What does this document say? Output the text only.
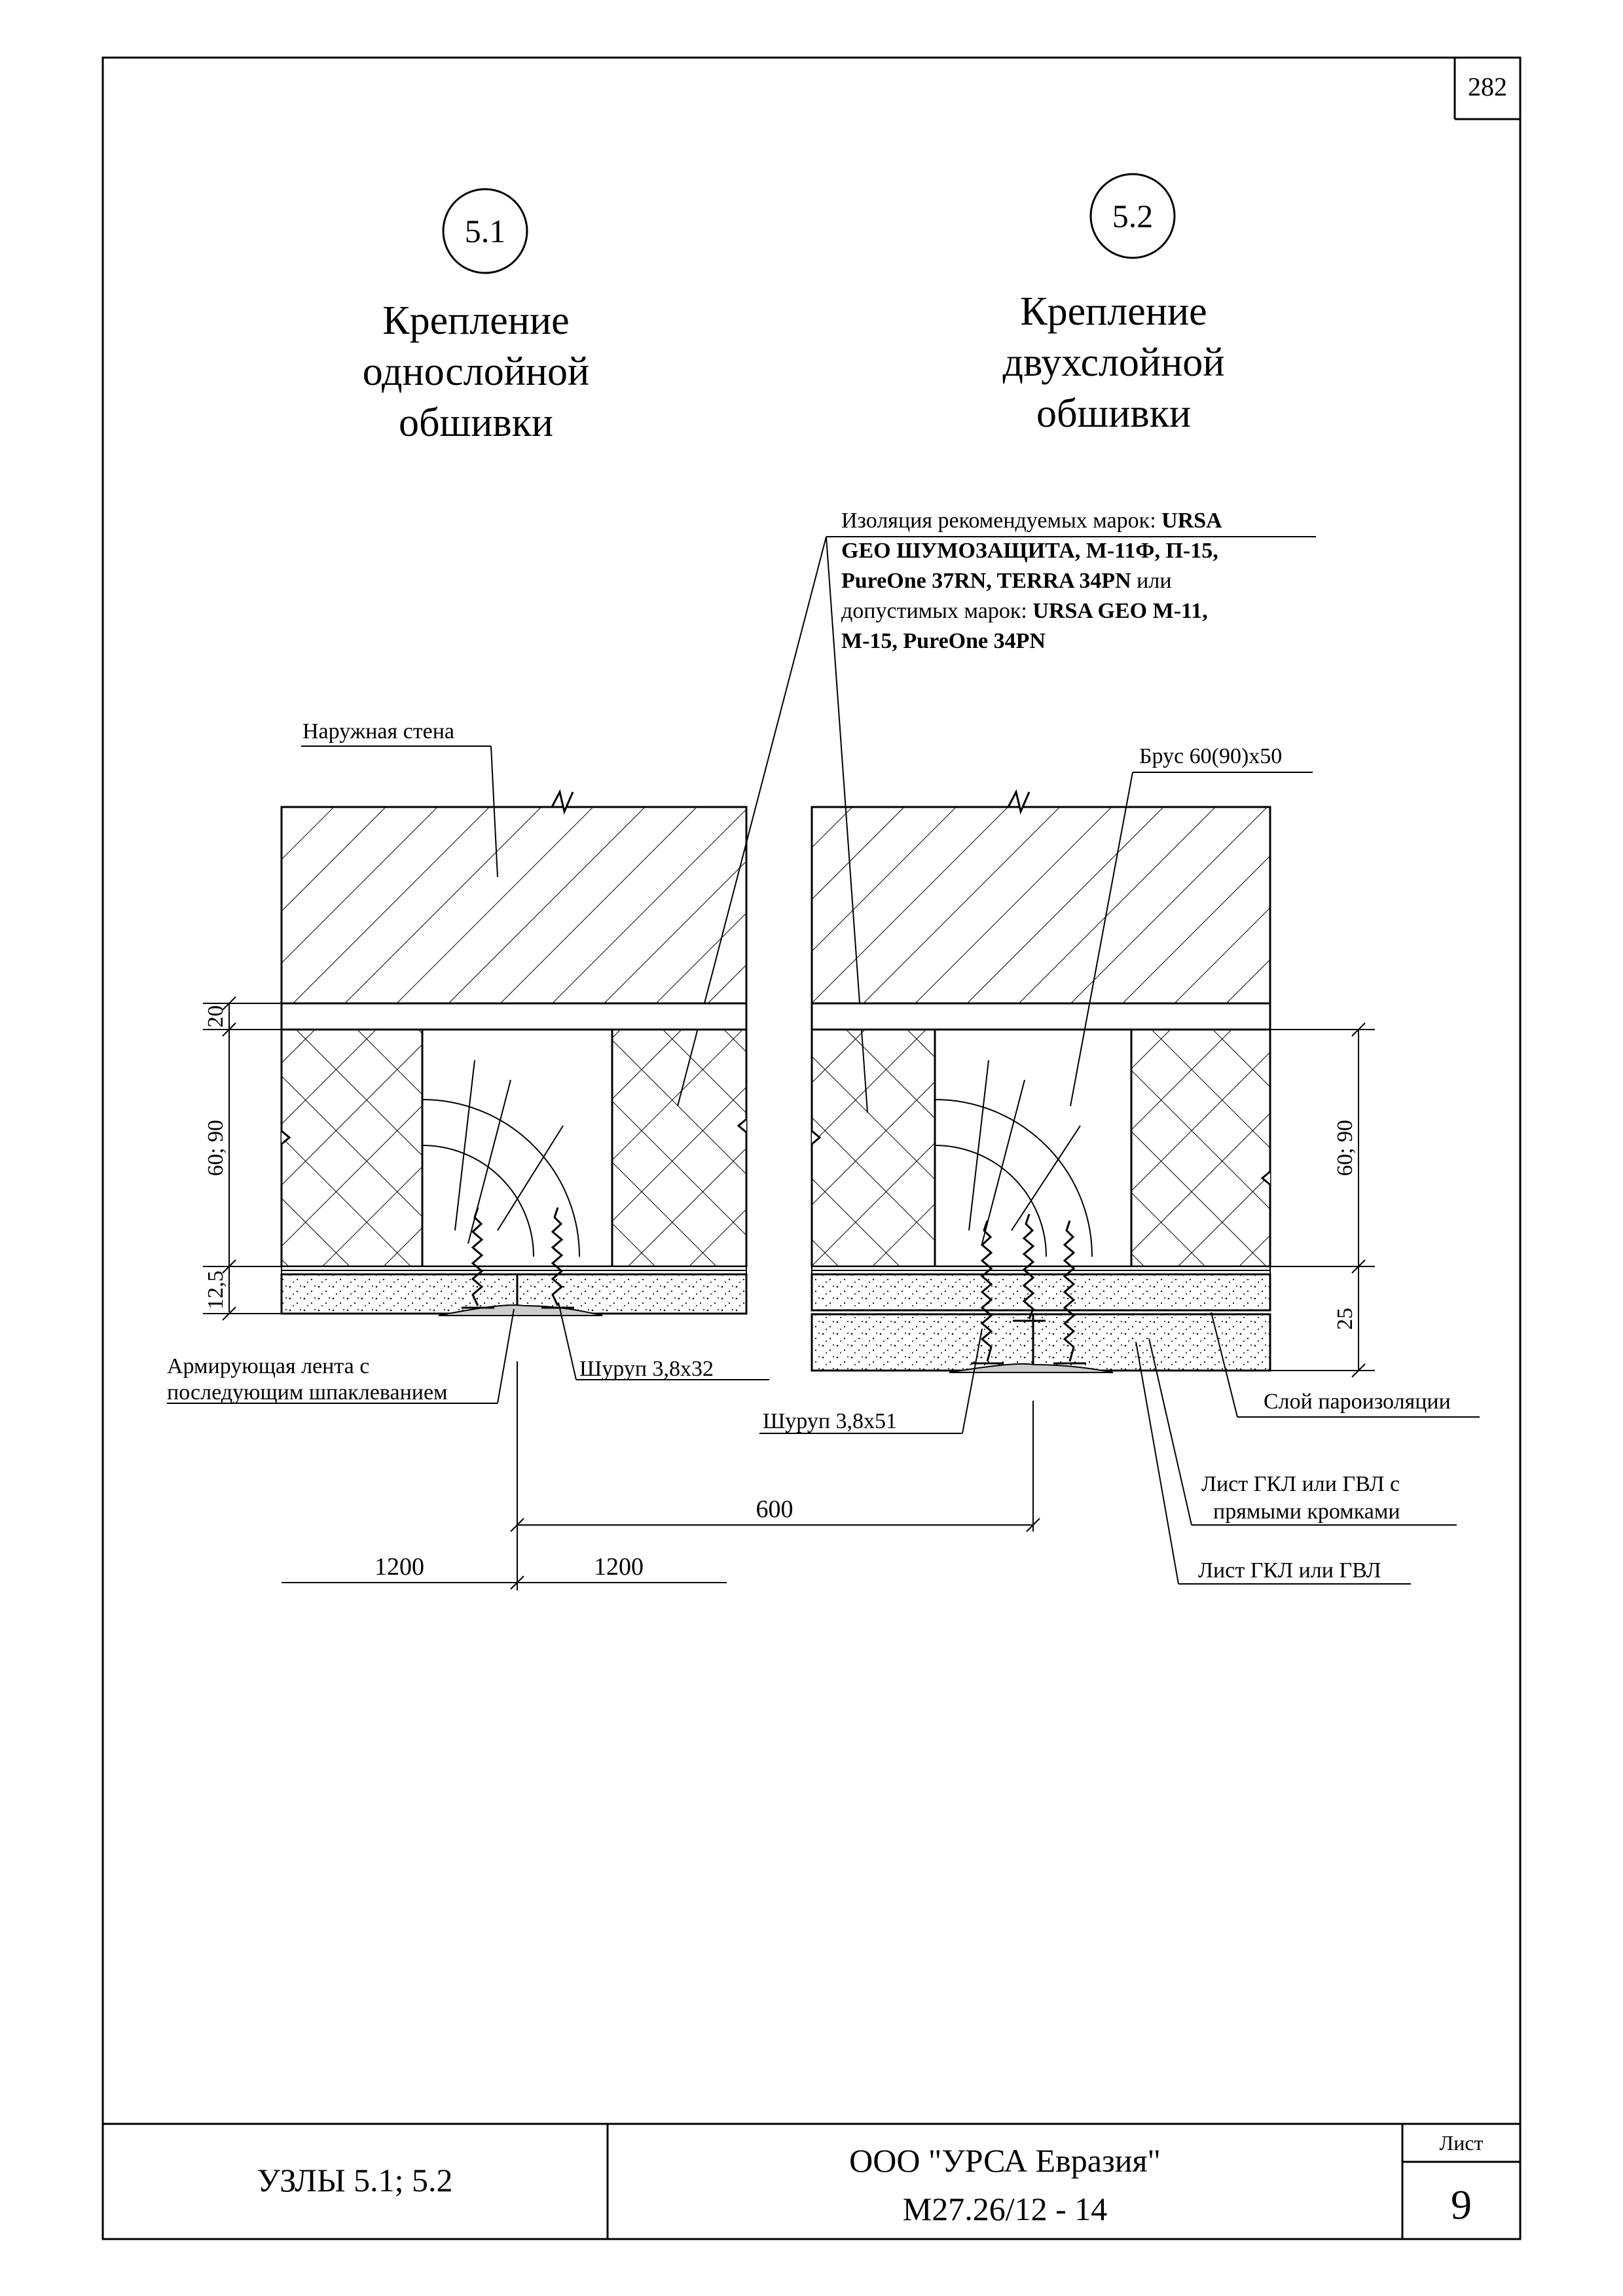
282
5.1
Крепление
однослойной
обшивки
5.2
Крепление
двухслойной
обшивки
Изоляция рекомендуемых марок: URSA
GEO ШУМОЗАЩИТА, М-11Ф, П-15,
PureOne 37RN, TERRA 34PN или
допустимых марок: URSA GEO М-11,
М-15, PureOne 34PN
Наружная стена
Армирующая лента с
последующим шпаклеванием
Шуруп 3,8x32
20
60; 90
12,5
Брус 60(90)x50
Шуруп 3,8x51
Слой пароизоляции
Лист ГКЛ или ГВЛ с
прямыми кромками
Лист ГКЛ или ГВЛ
60; 90
25
600
1200	1200
УЗЛЫ 5.1; 5.2
ООО "УРСА Евразия"
М27.26/12 - 14
Лист
9
